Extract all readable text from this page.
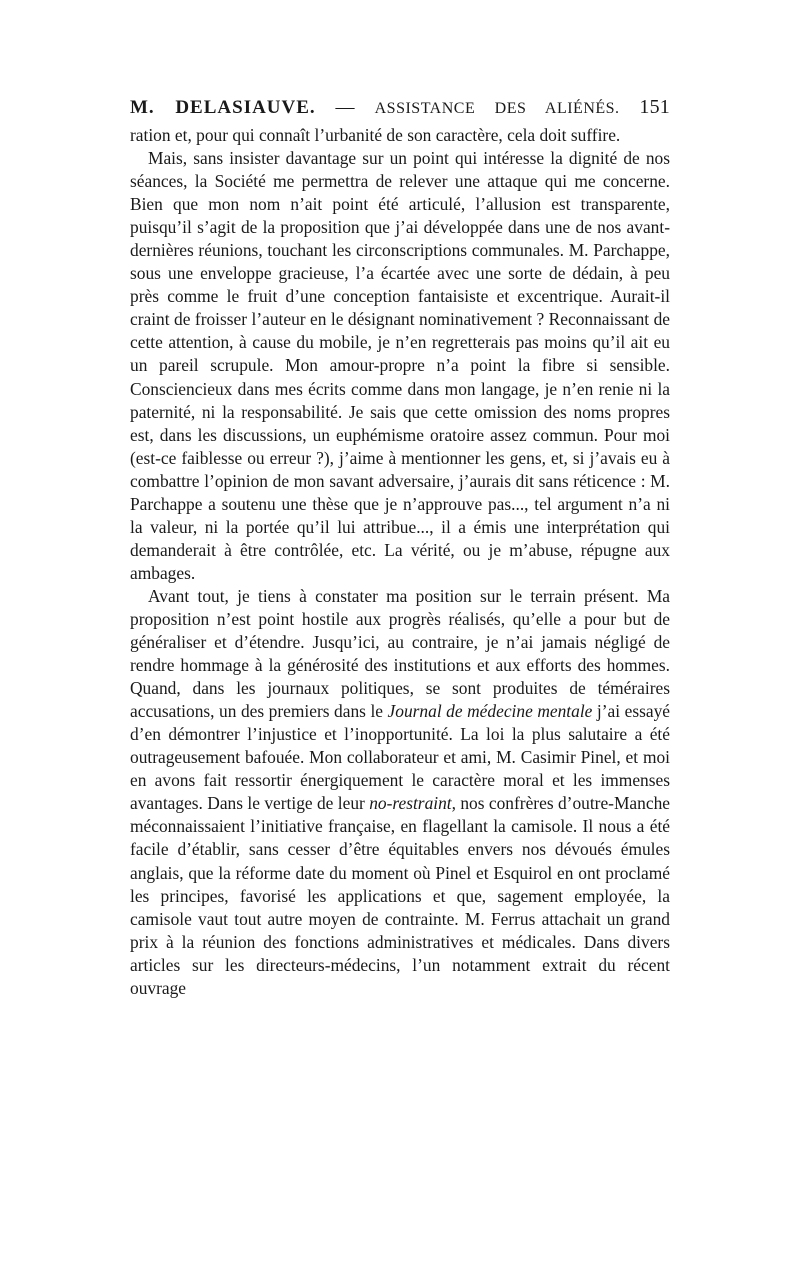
M. DELASIAUVE. — ASSISTANCE DES ALIÉNÉS. 151

ration et, pour qui connaît l’urbanité de son caractère, cela doit suffire.

Mais, sans insister davantage sur un point qui intéresse la dignité de nos séances, la Société me permettra de relever une attaque qui me concerne. Bien que mon nom n’ait point été articulé, l’allusion est transparente, puisqu’il s’agit de la proposition que j’ai développée dans une de nos avant-dernières réunions, touchant les circonscriptions communales. M. Parchappe, sous une enveloppe gracieuse, l’a écartée avec une sorte de dédain, à peu près comme le fruit d’une conception fantaisiste et excentrique. Aurait-il craint de froisser l’auteur en le désignant nominativement ? Reconnaissant de cette attention, à cause du mobile, je n’en regretterais pas moins qu’il ait eu un pareil scrupule. Mon amour-propre n’a point la fibre si sensible. Consciencieux dans mes écrits comme dans mon langage, je n’en renie ni la paternité, ni la responsabilité. Je sais que cette omission des noms propres est, dans les discussions, un euphémisme oratoire assez commun. Pour moi (est-ce faiblesse ou erreur ?), j’aime à mentionner les gens, et, si j’avais eu à combattre l’opinion de mon savant adversaire, j’aurais dit sans réticence : M. Parchappe a soutenu une thèse que je n’approuve pas..., tel argument n’a ni la valeur, ni la portée qu’il lui attribue..., il a émis une interprétation qui demanderait à être contrôlée, etc. La vérité, ou je m’abuse, répugne aux ambages.

Avant tout, je tiens à constater ma position sur le terrain présent. Ma proposition n’est point hostile aux progrès réalisés, qu’elle a pour but de généraliser et d’étendre. Jusqu’ici, au contraire, je n’ai jamais négligé de rendre hommage à la générosité des institutions et aux efforts des hommes. Quand, dans les journaux politiques, se sont produites de téméraires accusations, un des premiers dans le Journal de médecine mentale j’ai essayé d’en démontrer l’injustice et l’inopportunité. La loi la plus salutaire a été outrageusement bafouée. Mon collaborateur et ami, M. Casimir Pinel, et moi en avons fait ressortir énergiquement le caractère moral et les immenses avantages. Dans le vertige de leur no-restraint, nos confrères d’outre-Manche méconnaissaient l’initiative française, en flagellant la camisole. Il nous a été facile d’établir, sans cesser d’être équitables envers nos dévoués émules anglais, que la réforme date du moment où Pinel et Esquirol en ont proclamé les principes, favorisé les applications et que, sagement employée, la camisole vaut tout autre moyen de contrainte. M. Ferrus attachait un grand prix à la réunion des fonctions administratives et médicales. Dans divers articles sur les directeurs-médecins, l’un notamment extrait du récent ouvrage
